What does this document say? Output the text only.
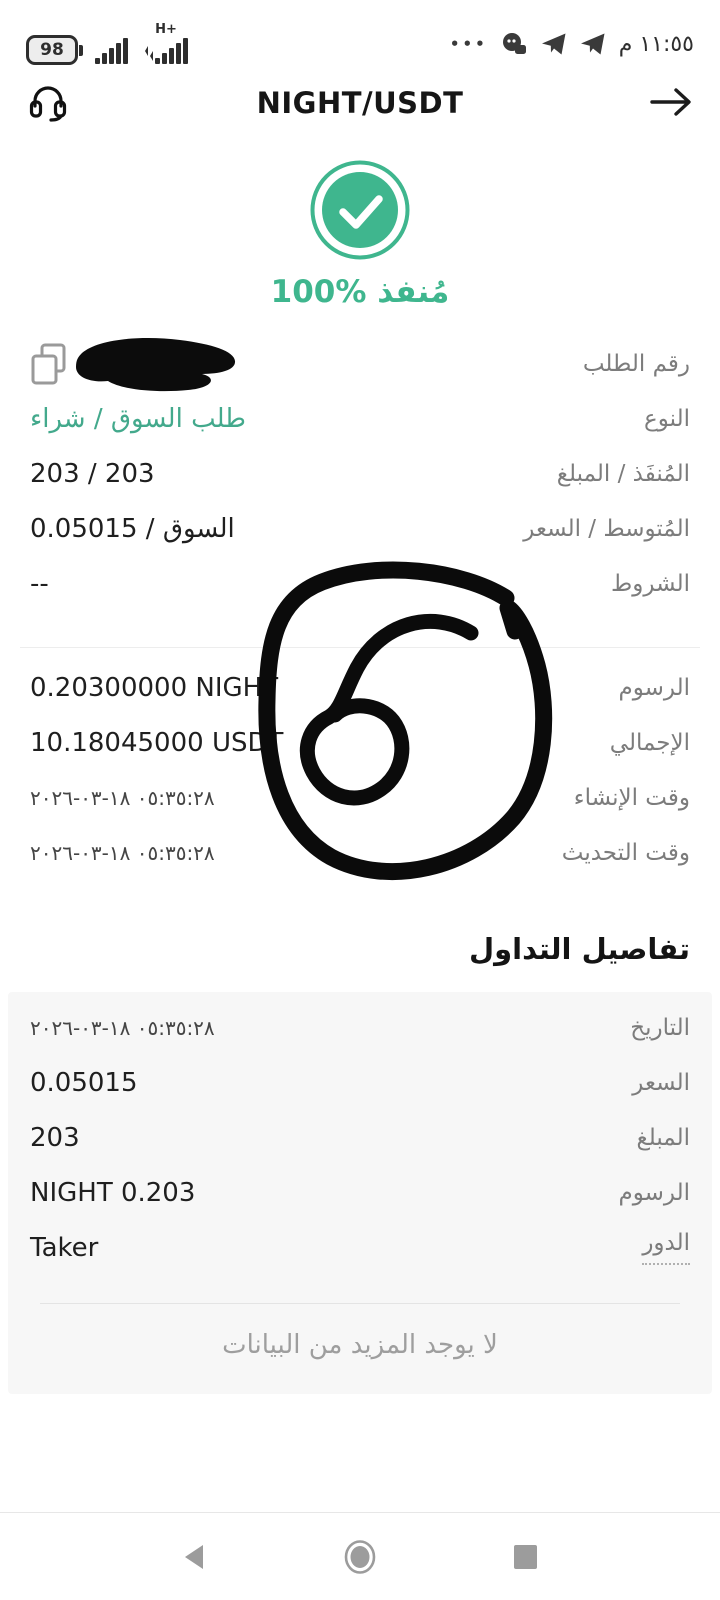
98
H+
•••	١١:٥٥ م
NIGHT/USDT
مُنفذ %100
رقم الطلب
النوع
طلب السوق / شراء
المُنفَذ / المبلغ
203 / 203
المُتوسط / السعر
0.05015 / السوق
الشروط
--
الرسوم
0.20300000 NIGHT
الإجمالي
10.18045000 USDT
وقت الإنشاء
٠٥:٣٥:٢٨ ١٨-٠٣-٢٠٢٦
وقت التحديث
٠٥:٣٥:٢٨ ١٨-٠٣-٢٠٢٦
تفاصيل التداول
التاريخ
٠٥:٣٥:٢٨ ١٨-٠٣-٢٠٢٦
السعر
0.05015
المبلغ
203
الرسوم
NIGHT 0.203
الدور
Taker
لا يوجد المزيد من البيانات
